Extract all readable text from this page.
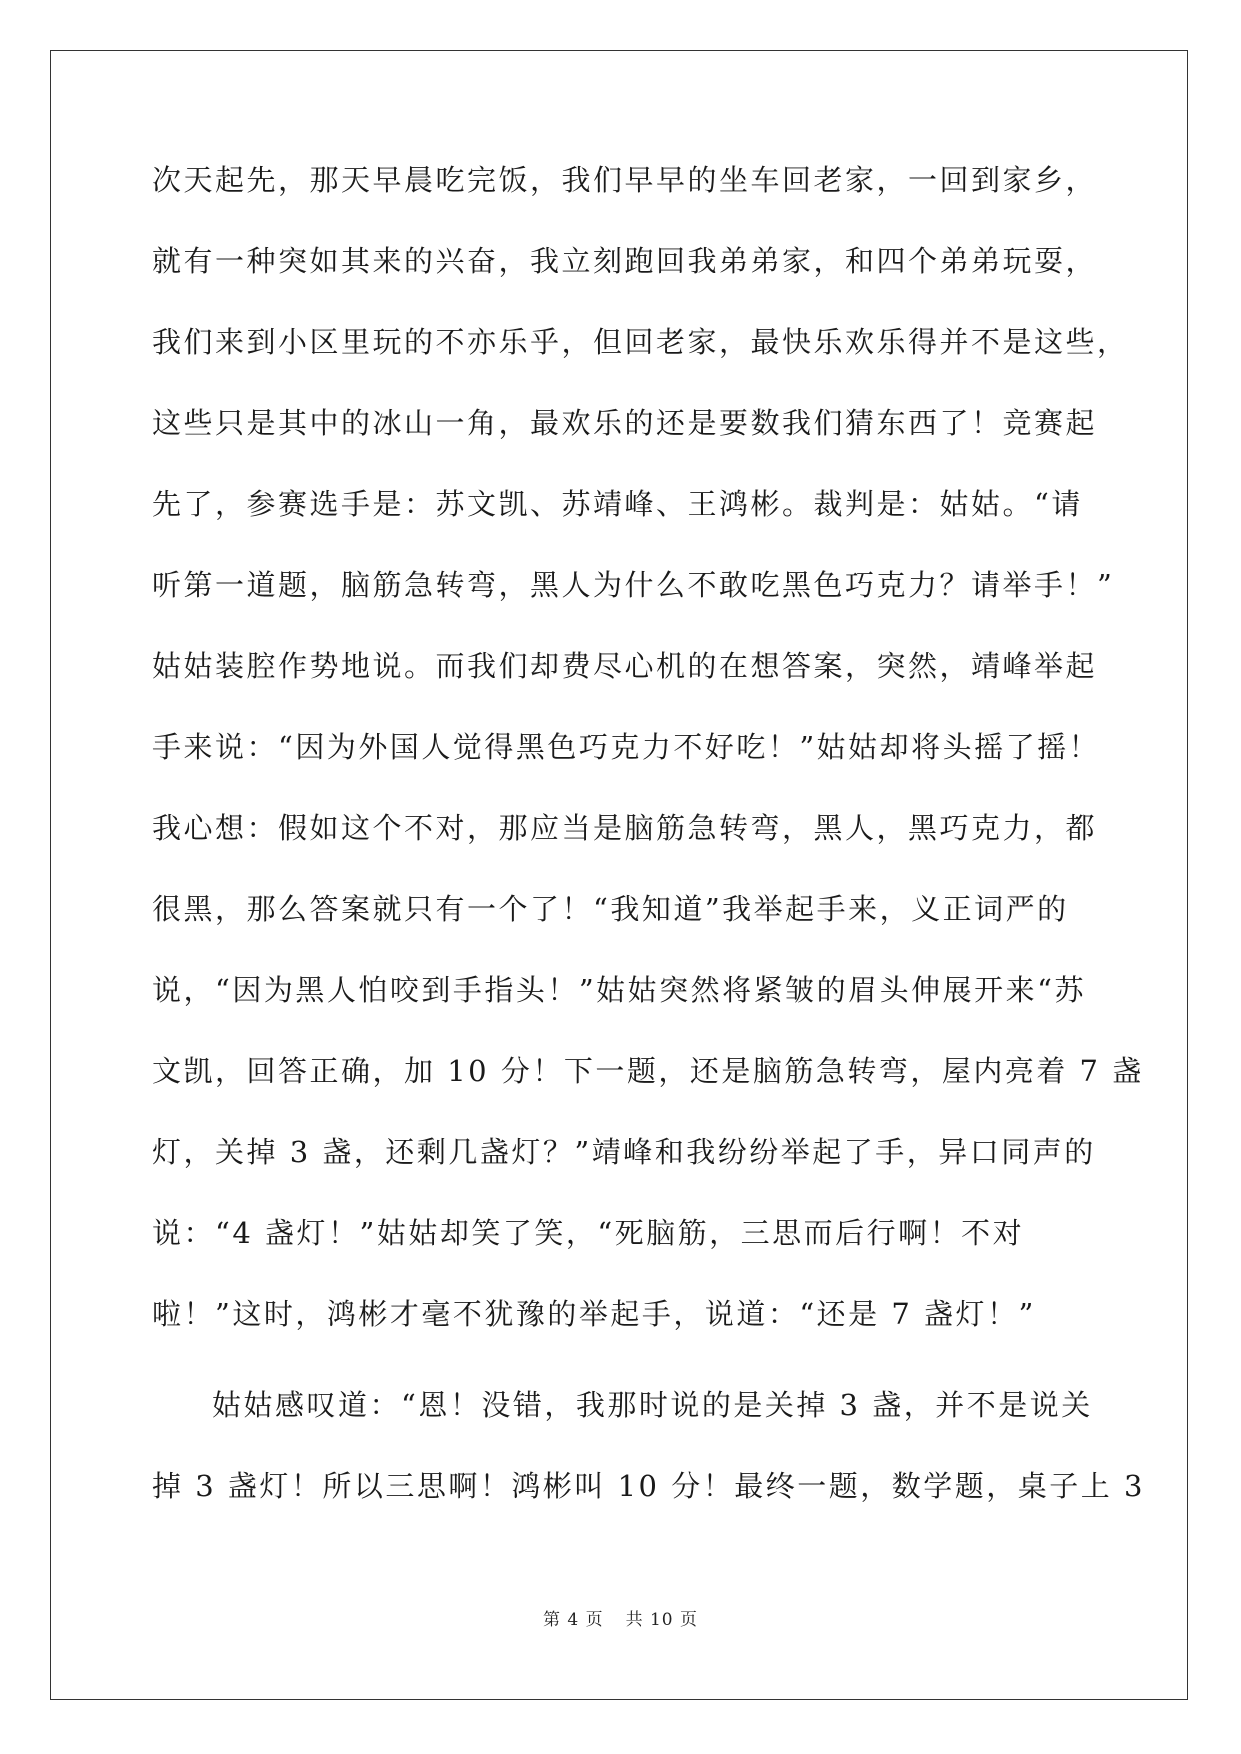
次天起先，那天早晨吃完饭，我们早早的坐车回老家，一回到家乡，
就有一种突如其来的兴奋，我立刻跑回我弟弟家，和四个弟弟玩耍，
我们来到小区里玩的不亦乐乎，但回老家，最快乐欢乐得并不是这些，
这些只是其中的冰山一角，最欢乐的还是要数我们猜东西了！竞赛起
先了，参赛选手是：苏文凯、苏靖峰、王鸿彬。裁判是：姑姑。“请
听第一道题，脑筋急转弯，黑人为什么不敢吃黑色巧克力？请举手！”
姑姑装腔作势地说。而我们却费尽心机的在想答案，突然，靖峰举起
手来说：“因为外国人觉得黑色巧克力不好吃！”姑姑却将头摇了摇！
我心想：假如这个不对，那应当是脑筋急转弯，黑人，黑巧克力，都
很黑，那么答案就只有一个了！“我知道”我举起手来，义正词严的
说，“因为黑人怕咬到手指头！”姑姑突然将紧皱的眉头伸展开来“苏
文凯，回答正确，加 10 分！下一题，还是脑筋急转弯，屋内亮着 7 盏
灯，关掉 3 盏，还剩几盏灯？”靖峰和我纷纷举起了手，异口同声的
说：“4 盏灯！”姑姑却笑了笑，“死脑筋，三思而后行啊！不对
啦！”这时，鸿彬才毫不犹豫的举起手，说道：“还是 7 盏灯！”
姑姑感叹道：“恩！没错，我那时说的是关掉 3 盏，并不是说关
掉 3 盏灯！所以三思啊！鸿彬叫 10 分！最终一题，数学题，桌子上 3
第 4 页 共 10 页
